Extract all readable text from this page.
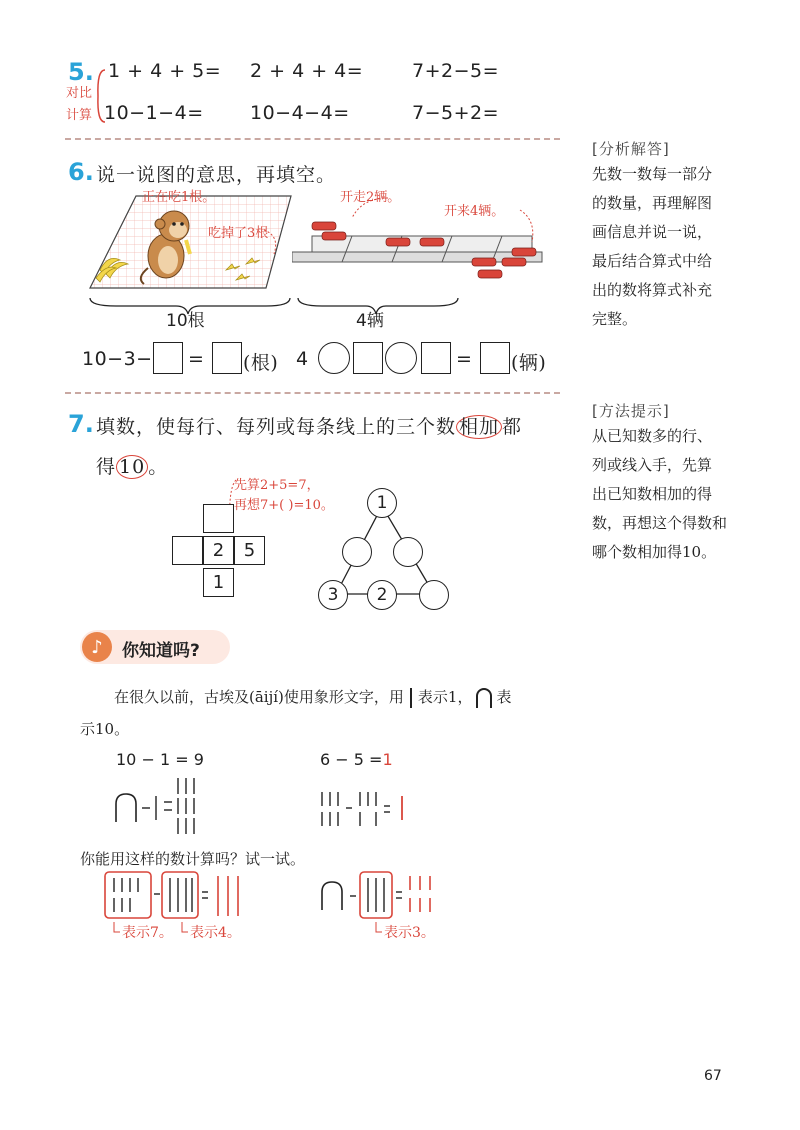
5.
对比
计算
1 + 4 + 5= 2 + 4 + 4=	7+2−5=
10−1−4= 10−4−4=	7−5+2=
[分析解答]
先数一数每一部分
的数量，再理解图
画信息并说一说，
最后结合算式中给
出的数将算式补充
完整。
6. 说一说图的意思，再填空。
正在吃1根。
吃掉了3根
开走2辆。
开来4辆。
10根	4辆
10−3− = (根) 4	= (辆)
[方法提示]
从已知数多的行、
列或线入手，先算
出已知数相加的得
数，再想这个得数和
哪个数相加得10。
7. 填数，使每行、每列或每条线上的三个数 相加 都
得 10 。
先算2+5=7，
再想7+( )=10。
2	5
1
1
3	2
♪	你知道吗?
在很久以前，古埃及(āijí)使用象形文字，用 表示1， 表
示10。
10 − 1 = 9	6 − 5 =1
你能用这样的数计算吗？试一试。
表示7。 表示4。	表示3。
67
